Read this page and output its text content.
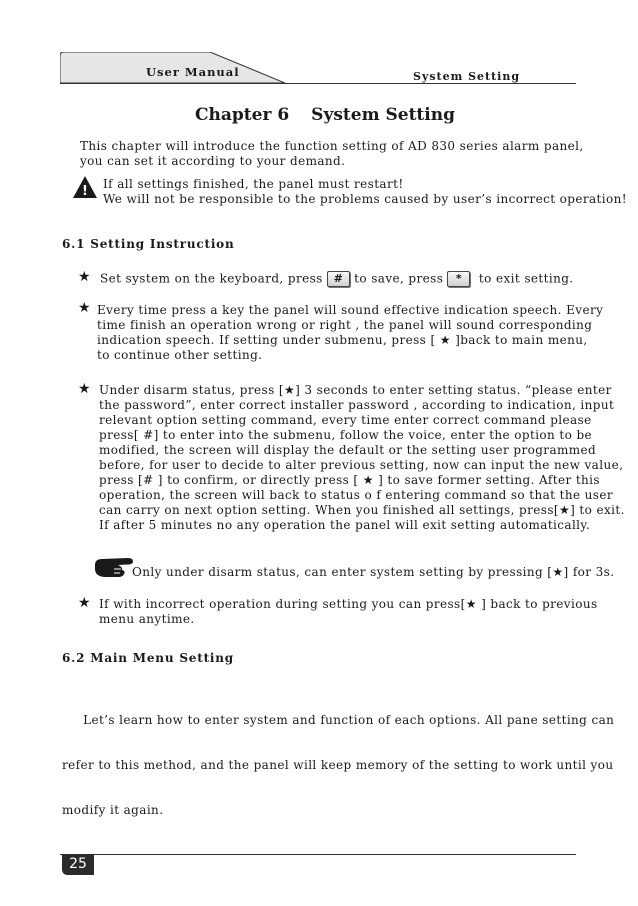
User Manual	System Setting
Chapter 6 System Setting
This chapter will introduce the function setting of AD 830 series alarm panel,
you can set it according to your demand.
! If all settings finished, the panel must restart!
We will not be responsible to the problems caused by user’s incorrect operation!
6.1 Setting Instruction
★ Set system on the keyboard, press # to save, press * to exit setting.
★ Every time press a key the panel will sound effective indication speech. Every
time finish an operation wrong or right , the panel will sound corresponding
indication speech. If setting under submenu, press [ ★ ]back to main menu,
to continue other setting.
★ Under disarm status, press [★] 3 seconds to enter setting status. “please enter
the password”, enter correct installer password , according to indication, input
relevant option setting command, every time enter correct command please
press[ #] to enter into the submenu, follow the voice, enter the option to be
modified, the screen will display the default or the setting user programmed
before, for user to decide to alter previous setting, now can input the new value,
press [# ] to confirm, or directly press [ ★ ] to save former setting. After this
operation, the screen will back to status o f entering command so that the user
can carry on next option setting. When you finished all settings, press[★] to exit.
If after 5 minutes no any operation the panel will exit setting automatically.
Only under disarm status, can enter system setting by pressing [★] for 3s.
★ If with incorrect operation during setting you can press[★ ] back to previous
menu anytime.
6.2 Main Menu Setting

Let’s learn how to enter system and function of each options. All pane setting can

refer to this method, and the panel will keep memory of the setting to work until you

modify it again.

25
